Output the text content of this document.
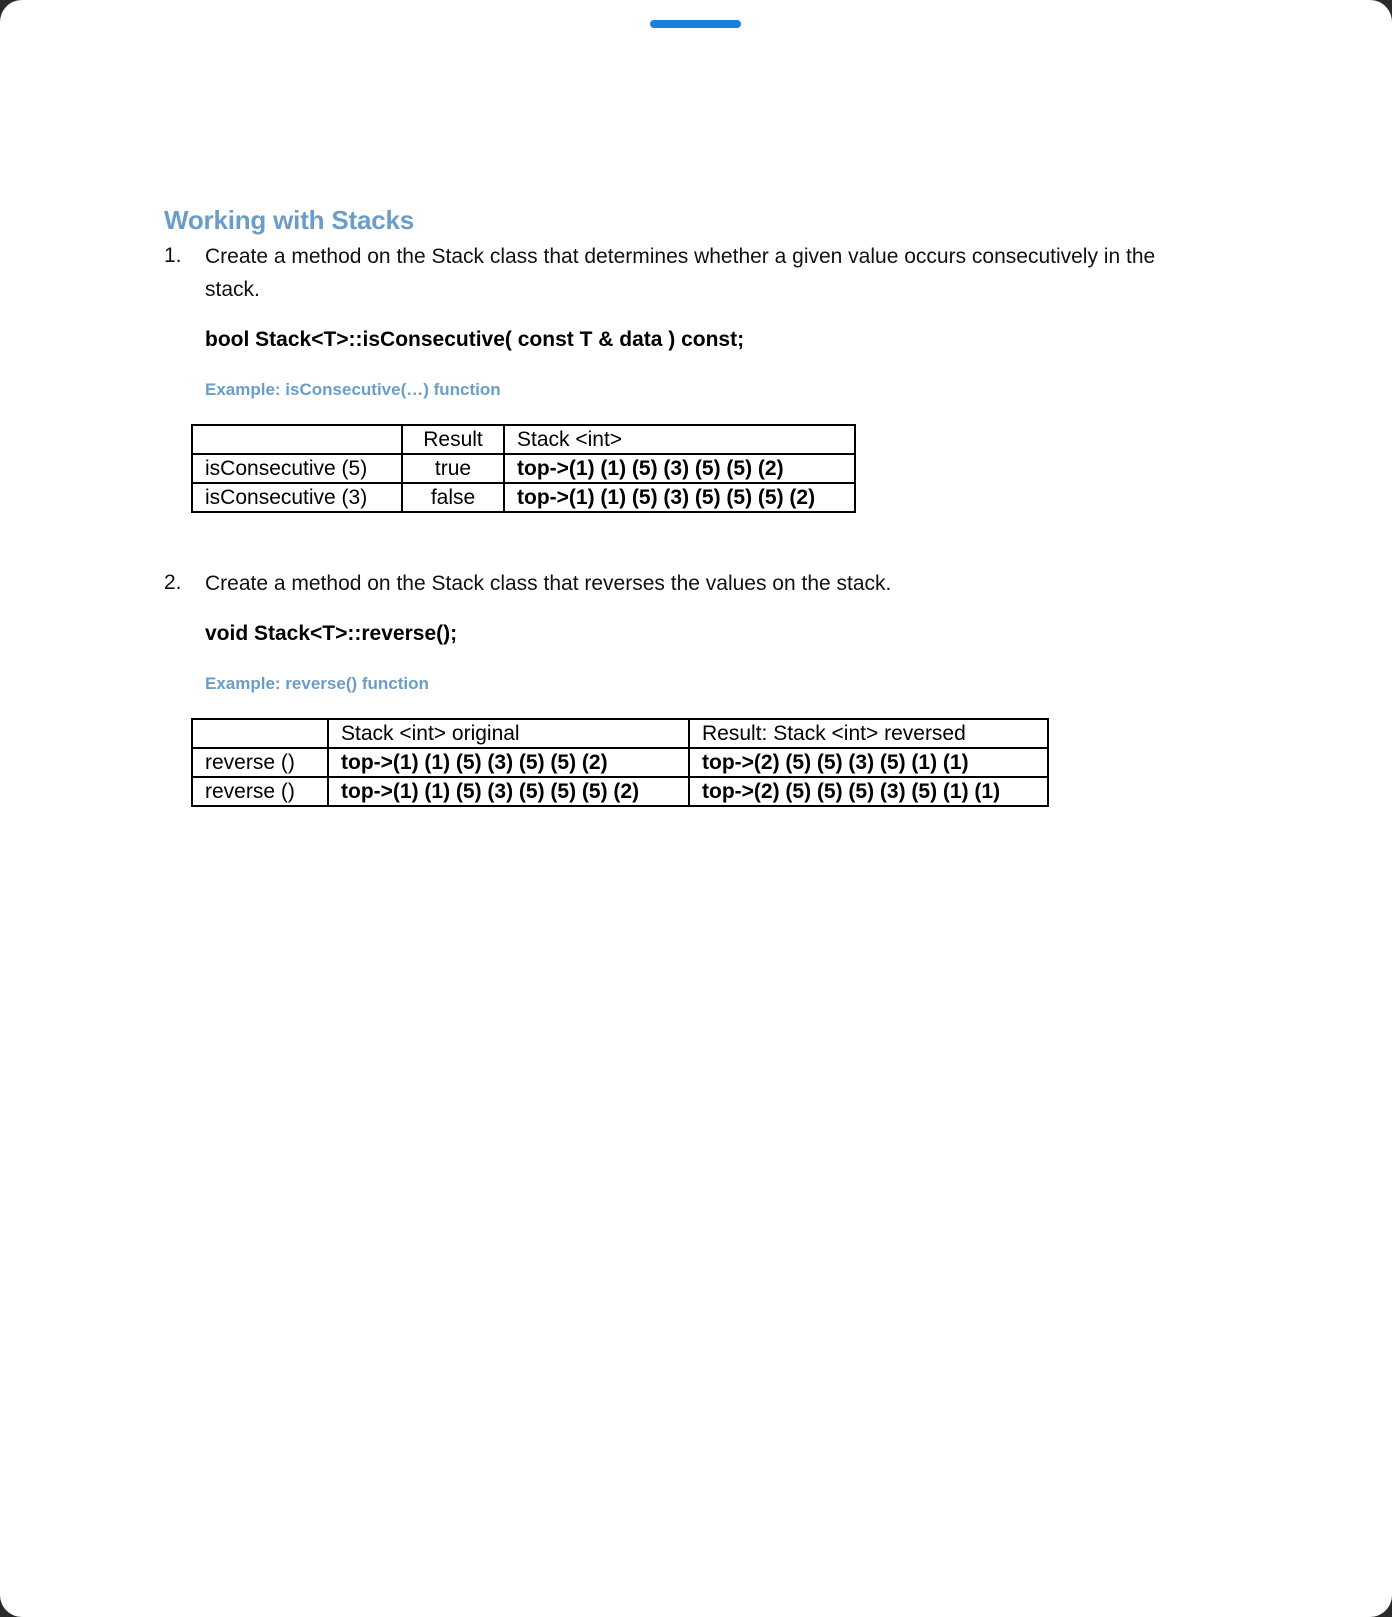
Working with Stacks
1. Create a method on the Stack class that determines whether a given value occurs consecutively in the stack.
bool Stack<T>::isConsecutive( const T & data ) const;
Example: isConsecutive(…) function
	Result	Stack <int>
isConsecutive (5)	true	top->(1) (1) (5) (3) (5) (5) (2)
isConsecutive (3)	false	top->(1) (1) (5) (3) (5) (5) (5) (2)
2. Create a method on the Stack class that reverses the values on the stack.
void Stack<T>::reverse();
Example: reverse() function
	Stack <int> original	Result: Stack <int> reversed
reverse ()	top->(1) (1) (5) (3) (5) (5) (2)	top->(2) (5) (5) (3) (5) (1) (1)
reverse ()	top->(1) (1) (5) (3) (5) (5) (5) (2)	top->(2) (5) (5) (5) (3) (5) (1) (1)
